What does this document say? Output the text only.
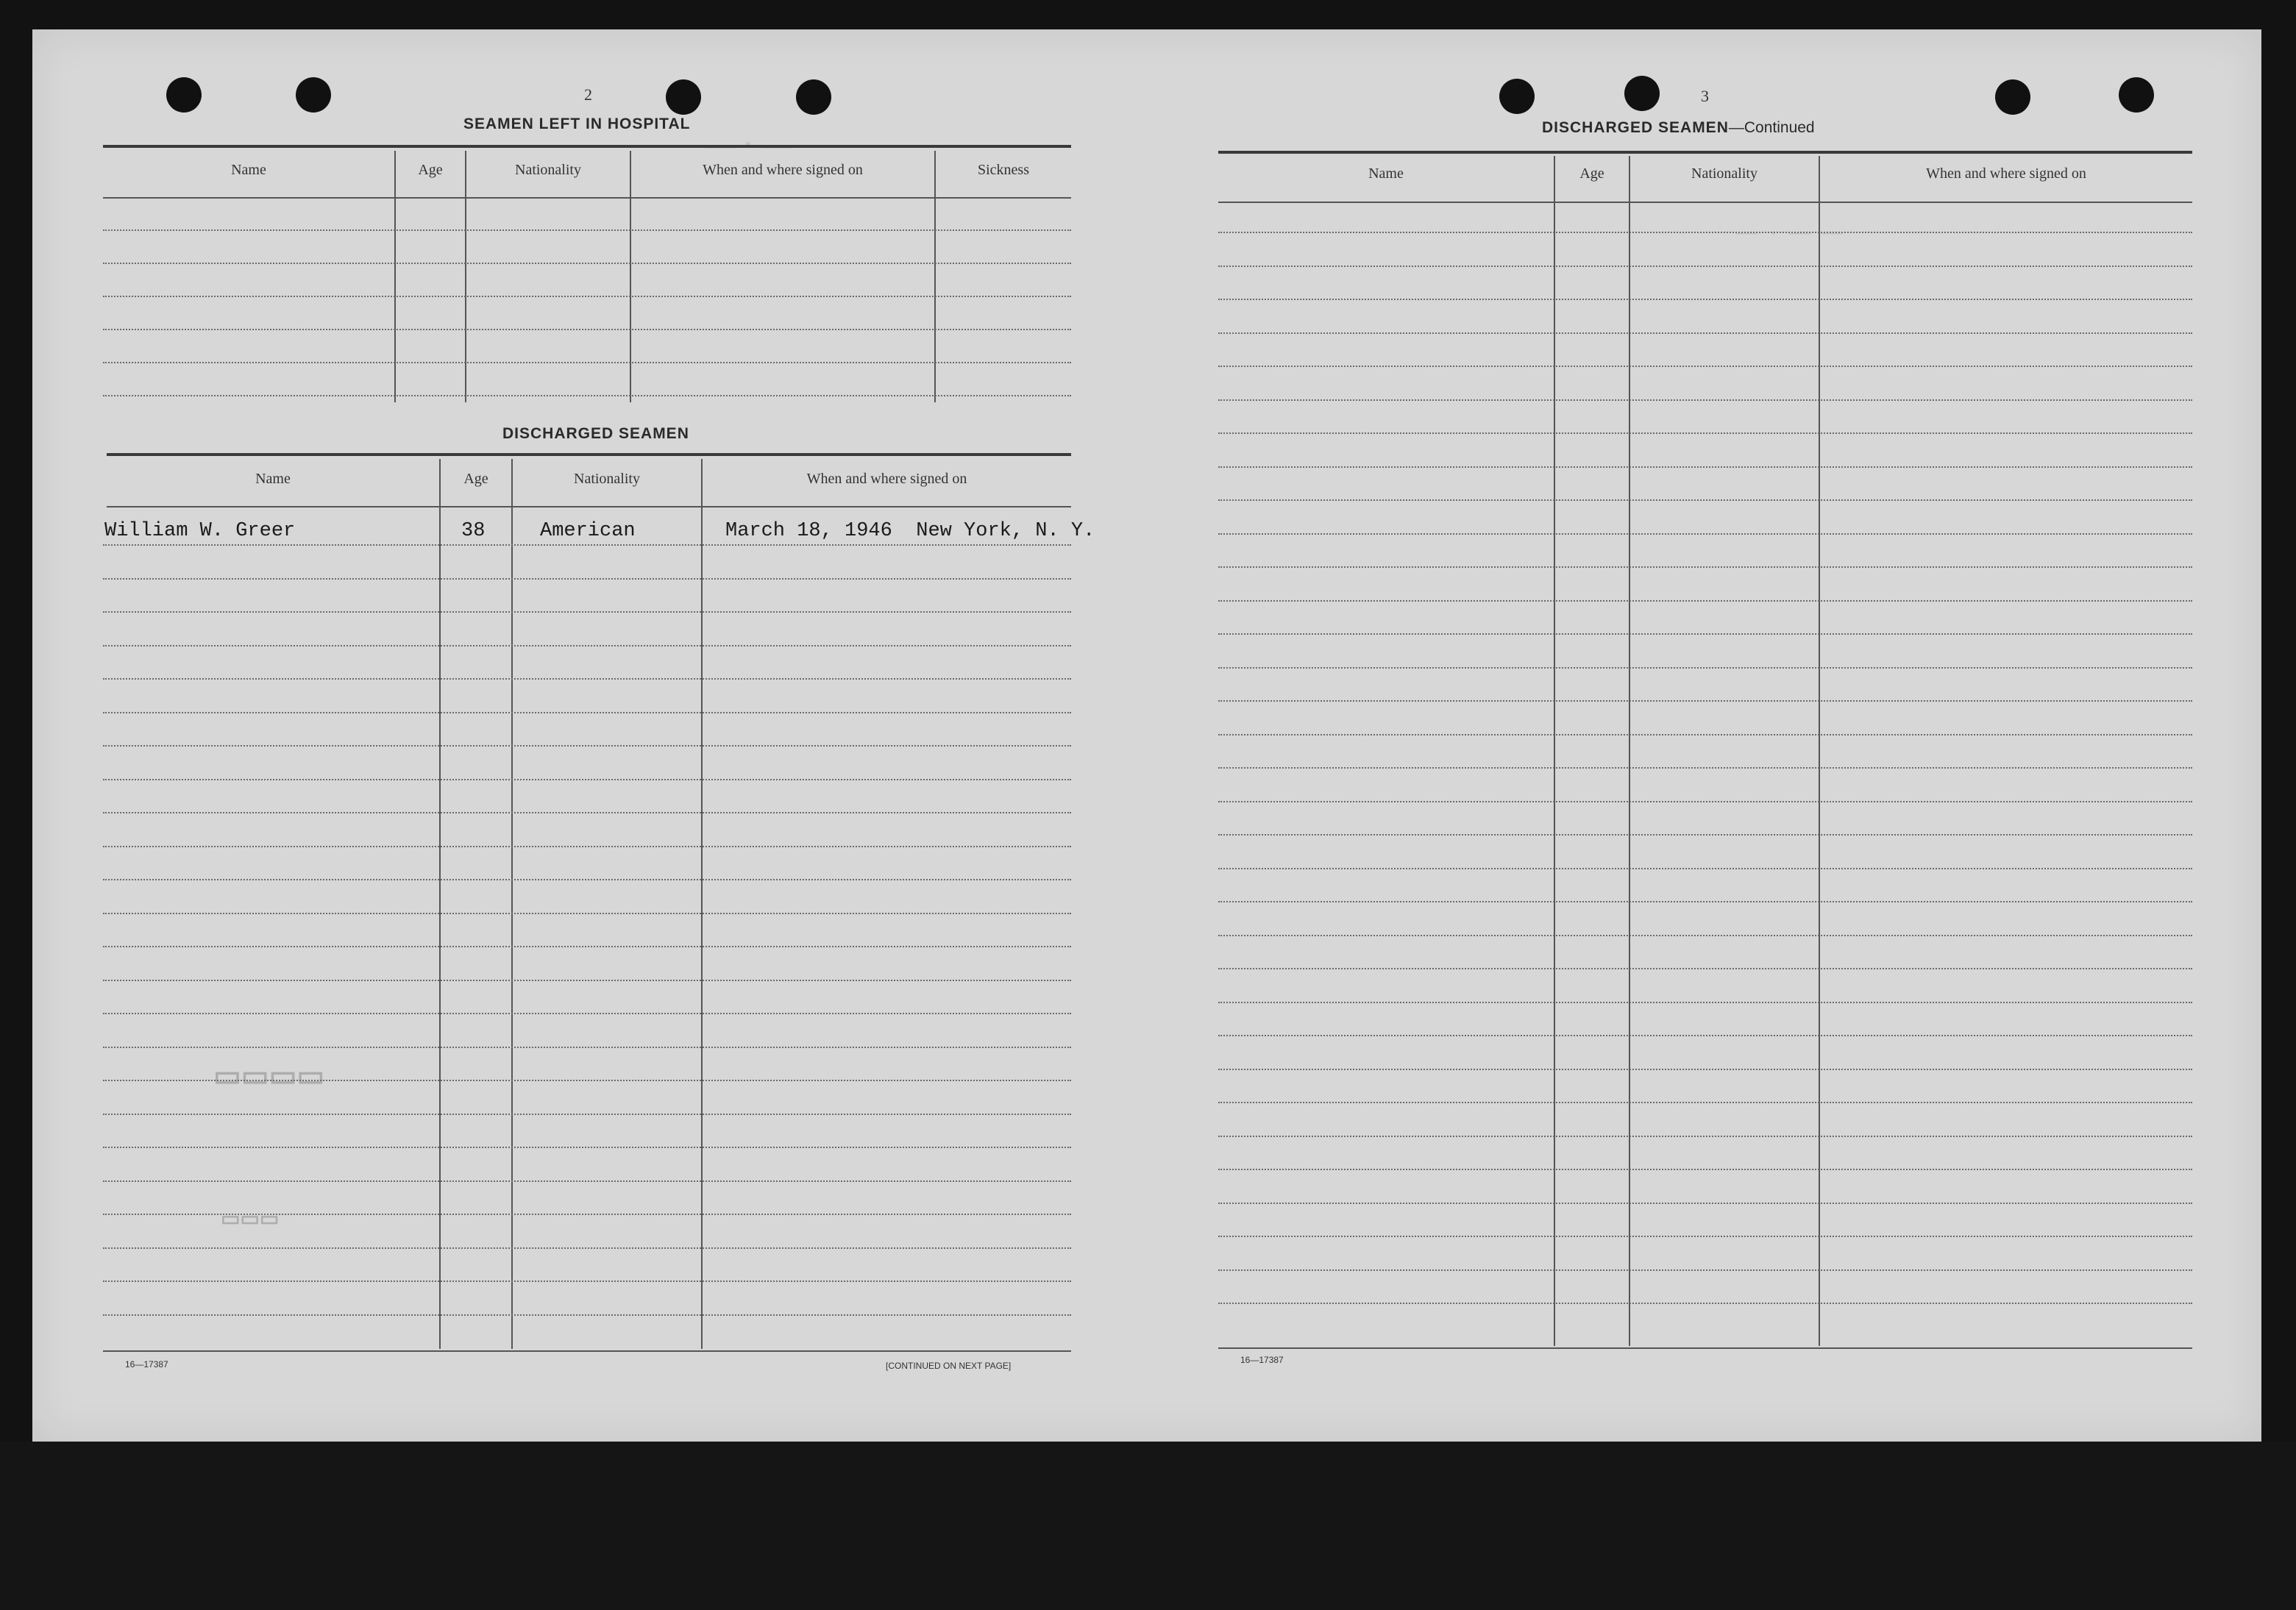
— · —
—— · —— ——
▭▭▭▭
▭▭▭
2
SEAMEN LEFT IN HOSPITAL
Name	Age	Nationality	When and where signed on	Sickness
DISCHARGED SEAMEN
Name	Age	Nationality	When and where signed on
William W. Greer	38	American	March 18, 1946  New York, N. Y.
16—17387	[CONTINUED ON NEXT PAGE]
3
DISCHARGED SEAMEN—Continued
Name	Age	Nationality	When and where signed on
16—17387
